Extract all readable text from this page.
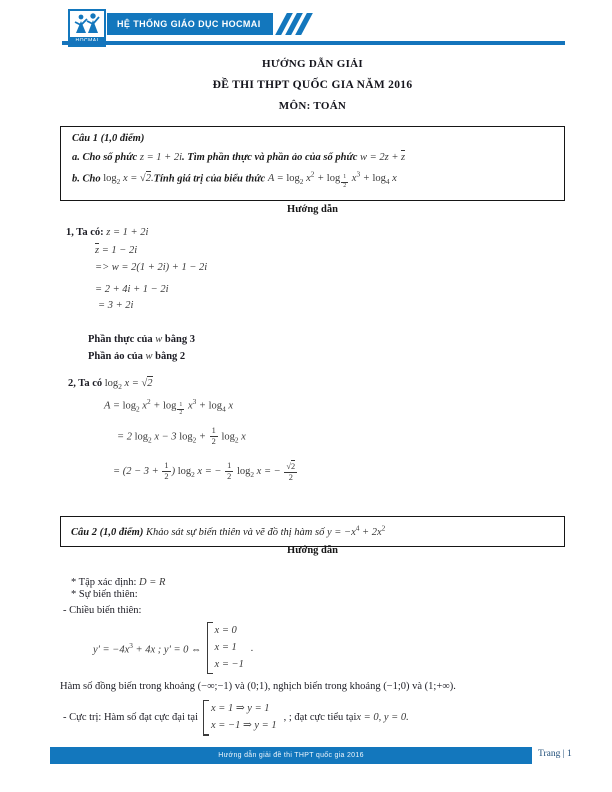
HỆ THỐNG GIÁO DỤC HOCMAI
HƯỚNG DẪN GIẢI
ĐỀ THI THPT QUỐC GIA NĂM 2016
MÔN: TOÁN
Câu 1 (1,0 điểm)
a. Cho số phức z = 1 + 2i. Tìm phần thực và phần ảo của số phức w = 2z + z
b. Cho $\log_2 x$ = √2.Tính giá trị của biểu thức $A = \log_2 x^2 + \log _{\frac{1}{2}}$ $x^3 + \log_4 x$
Hướng dẫn
1, Ta có: z = 1 + 2i
z = 1 − 2i
=> w = 2(1 + 2i) + 1 − 2i
= 2 + 4i + 1 − 2i
= 3 + 2i
Phần thực của w bằng 3
Phần ảo của w bằng 2
2, Ta có $\log_2 x = √2$
$A = \log_2 x^2 + \log _{\frac{1}{2}}$ $x^3 + \log_4 x$
= 2 $\log_2 x - 3$ $\log_2 + \frac{1}{2} \log_2 x$
= ($2 - 3 + \frac{1}{2}$ ) $\log_2 x$ = − $\frac{1}{2} \log_2 x$ = − $\frac{√2}{2}$
Câu 2 (1,0 điểm) Khảo sát sự biến thiên và vẽ đồ thị hàm số $y = -x^4 + 2x^2$
Hướng dẫn
* Tập xác định: D = R
* Sự biến thiên:
- Chiều biến thiên:
$y' = -4x^3 + 4x$ ; y' = 0 ⇔
x = 0
x = 1
x = −1
.
Hàm số đồng biến trong khoảng (−∞;−1) và (0;1), nghịch biến trong khoảng (−1;0) và (1;+∞).
- Cực trị: Hàm số đạt cực đại tại
x = 1 ⇒ y = 1
x = −1 ⇒ y = 1
, ; đạt cực tiểu tại x = 0, y = 0.
Hướng dẫn giải đề thi THPT quốc gia 2016	Trang | 1
